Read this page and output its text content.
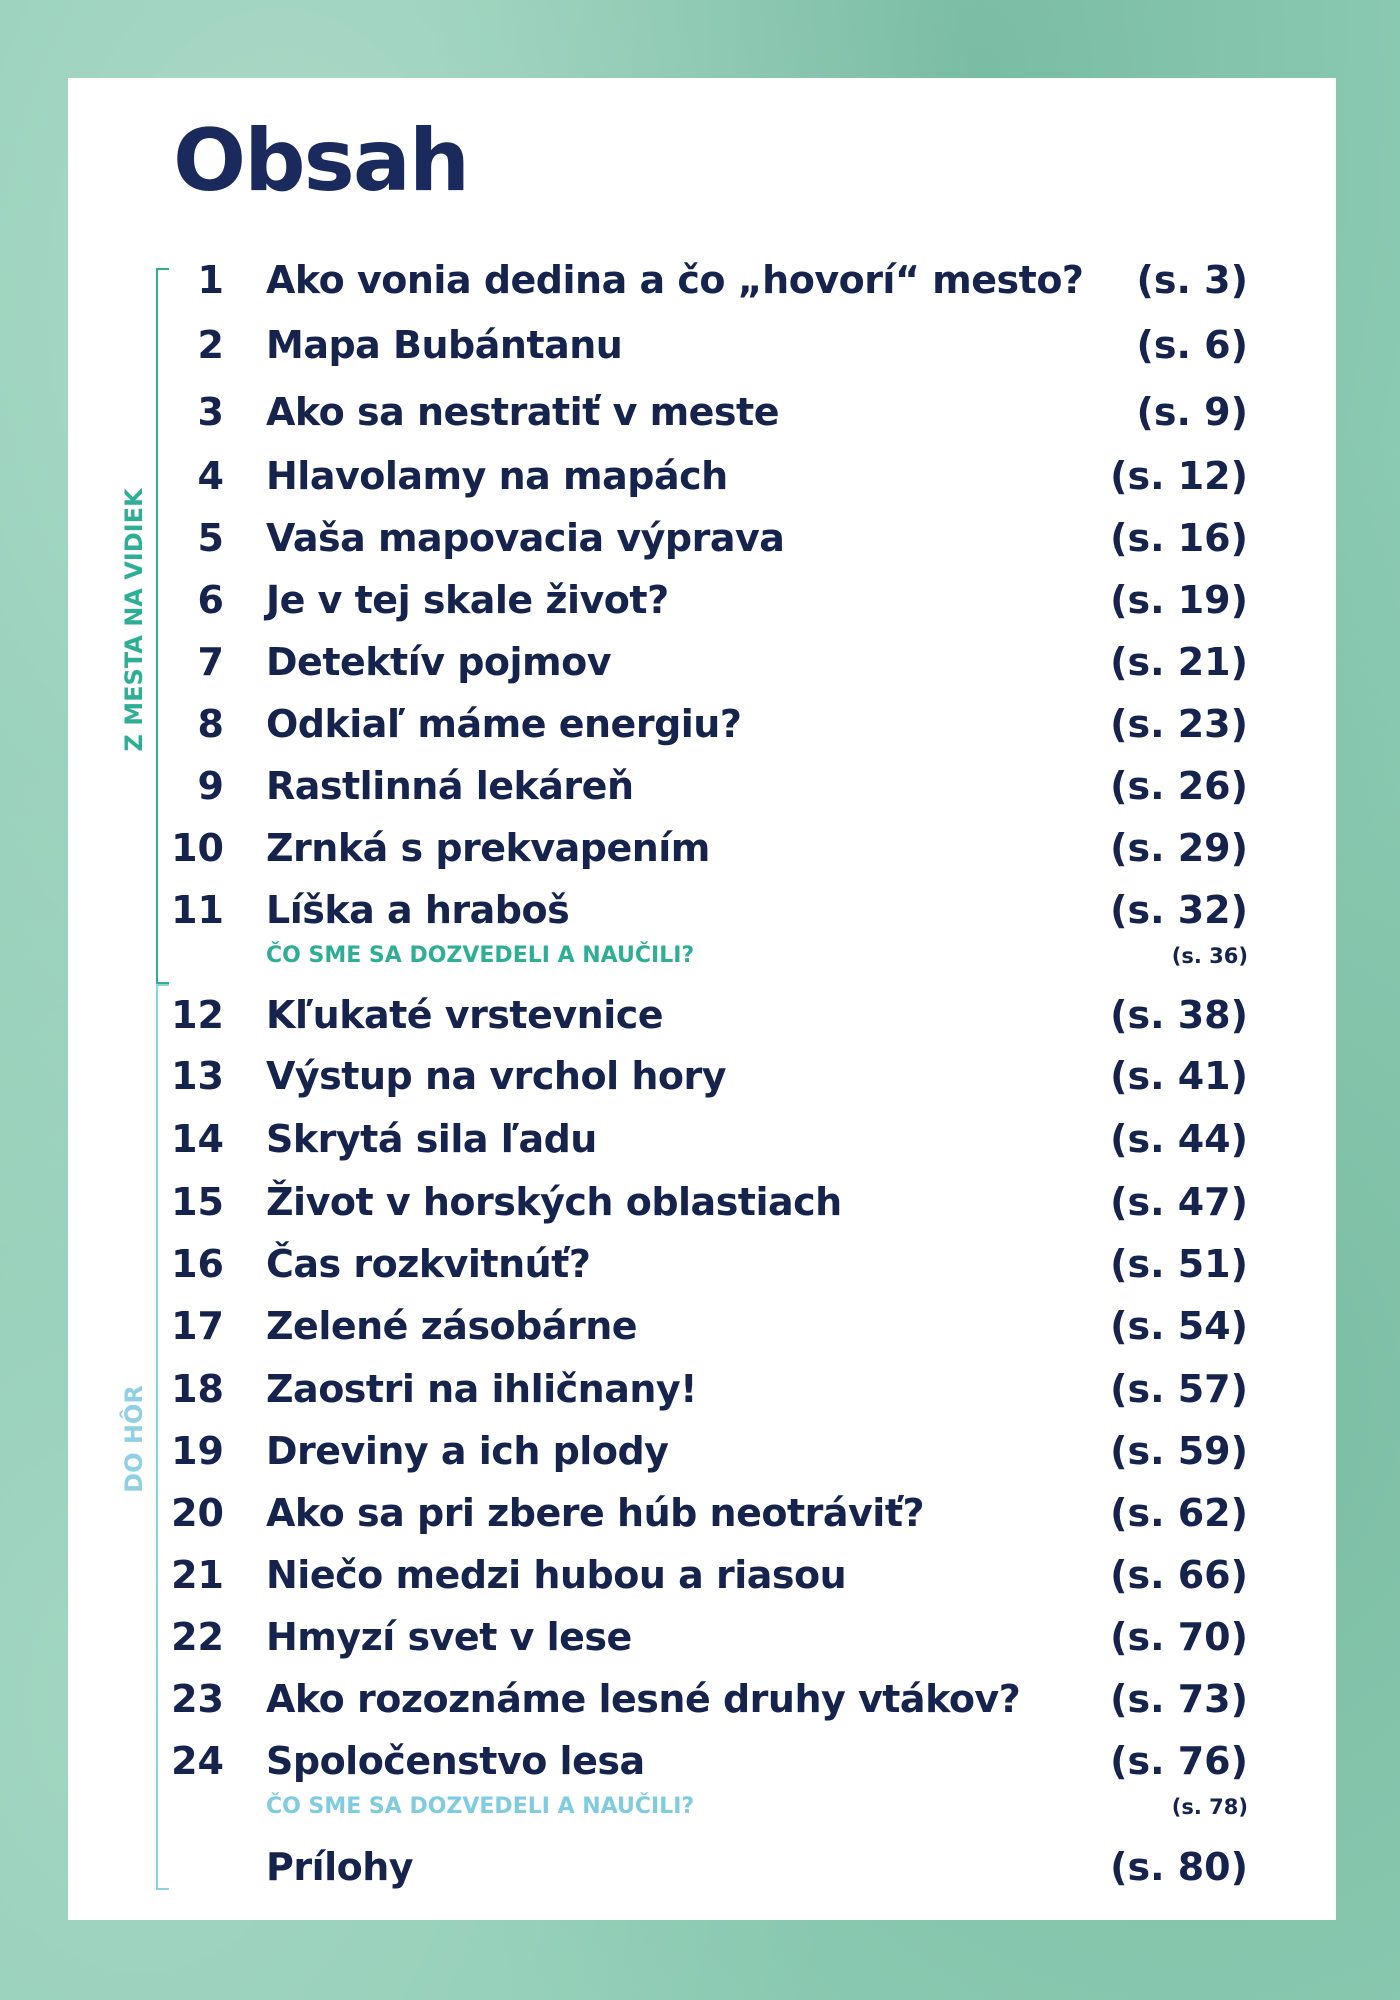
Obsah
Z MESTA NA VIDIEK
DO HÔR
1 Ako vonia dedina a čo „hovorí“ mesto? (s. 3)
2 Mapa Bubántanu	(s. 6)
3 Ako sa nestratiť v meste	(s. 9)
4 Hlavolamy na mapách	(s. 12)
5 Vaša mapovacia výprava	(s. 16)
6 Je v tej skale život?	(s. 19)
7 Detektív pojmov	(s. 21)
8 Odkiaľ máme energiu?	(s. 23)
9 Rastlinná lekáreň	(s. 26)
10 Zrnká s prekvapením	(s. 29)
11 Líška a hraboš	(s. 32)
ČO SME SA DOZVEDELI A NAUČILI?	(s. 36)
12 Kľukaté vrstevnice	(s. 38)
13 Výstup na vrchol hory	(s. 41)
14 Skrytá sila ľadu	(s. 44)
15 Život v horských oblastiach	(s. 47)
16 Čas rozkvitnúť?	(s. 51)
17 Zelené zásobárne	(s. 54)
18 Zaostri na ihličnany!	(s. 57)
19 Dreviny a ich plody	(s. 59)
20 Ako sa pri zbere húb neotráviť?	(s. 62)
21 Niečo medzi hubou a riasou	(s. 66)
22 Hmyzí svet v lese	(s. 70)
23 Ako rozoznáme lesné druhy vtákov? (s. 73)
24 Spoločenstvo lesa	(s. 76)
ČO SME SA DOZVEDELI A NAUČILI?	(s. 78)
Prílohy	(s. 80)
